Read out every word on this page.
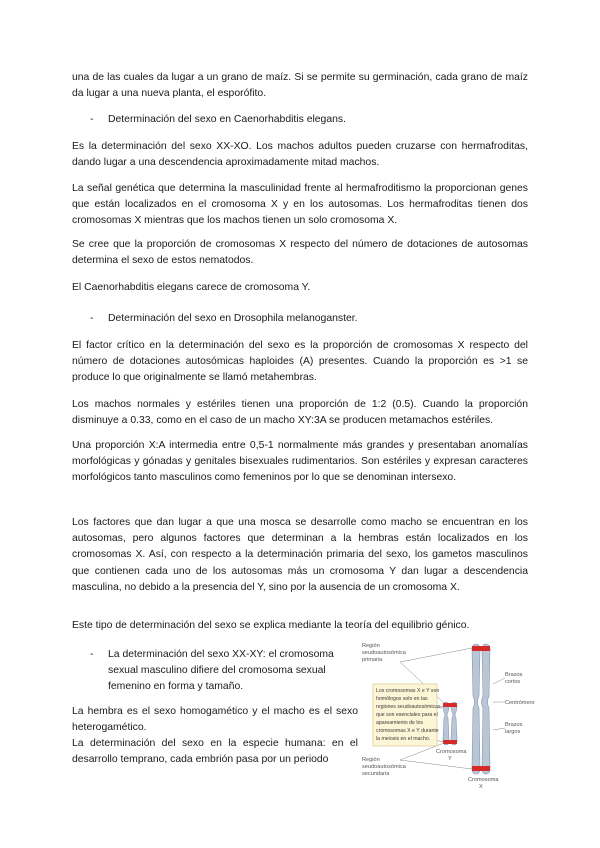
una de las cuales da lugar a un grano de maíz. Si se permite su germinación, cada grano de maíz da lugar a una nueva planta, el esporófito.

- Determinación del sexo en Caenorhabditis elegans.

Es la determinación del sexo XX-XO. Los machos adultos pueden cruzarse con hermafroditas, dando lugar a una descendencia aproximadamente mitad machos.

La señal genética que determina la masculinidad frente al hermafroditismo la proporcionan genes que están localizados en el cromosoma X y en los autosomas. Los hermafroditas tienen dos cromosomas X mientras que los machos tienen un solo cromosoma X.

Se cree que la proporción de cromosomas X respecto del número de dotaciones de autosomas determina el sexo de estos nematodos.

El Caenorhabditis elegans carece de cromosoma Y.

- Determinación del sexo en Drosophila melanoganster.

El factor crítico en la determinación del sexo es la proporción de cromosomas X respecto del número de dotaciones autosómicas haploides (A) presentes. Cuando la proporción es >1 se produce lo que originalmente se llamó metahembras.

Los machos normales y estériles tienen una proporción de 1:2 (0.5). Cuando la proporción disminuye a 0.33, como en el caso de un macho XY:3A se producen metamachos estériles.

Una proporción X:A intermedia entre 0,5-1 normalmente más grandes y presentaban anomalías morfológicas y gónadas y genitales bisexuales rudimentarios. Son estériles y expresan caracteres morfológicos tanto masculinos como femeninos por lo que se denominan intersexo.

Los factores que dan lugar a que una mosca se desarrolle como macho se encuentran en los autosomas, pero algunos factores que determinan a la hembras están localizados en los cromosomas X. Así, con respecto a la determinación primaria del sexo, los gametos masculinos que contienen cada uno de los autosomas más un cromosoma Y dan lugar a descendencia masculina, no debido a la presencia del Y, sino por la ausencia de un cromosoma X.

Este tipo de determinación del sexo se explica mediante la teoría del equilibrio génico.

- La determinación del sexo XX-XY: el cromosoma sexual masculino difiere del cromosoma sexual femenino en forma y tamaño.

La hembra es el sexo homogamético y el macho es el sexo heterogamético.

La determinación del sexo en la especie humana: en el desarrollo temprano, cada embrión pasa por un periodo

Región
seudoautosómica
primaria
Brazos
cortos
Centrómero
Brazos
largos
Cromosoma
Y
Cromosoma
X
Región
seudoautosómica
secundaria
Los cromosomas X e Y son
homólogos solo en las
regiones seudoautosómicas,
que son esenciales para el
apareamiento de los
cromosomas X e Y durante
la meiosis en el macho.
